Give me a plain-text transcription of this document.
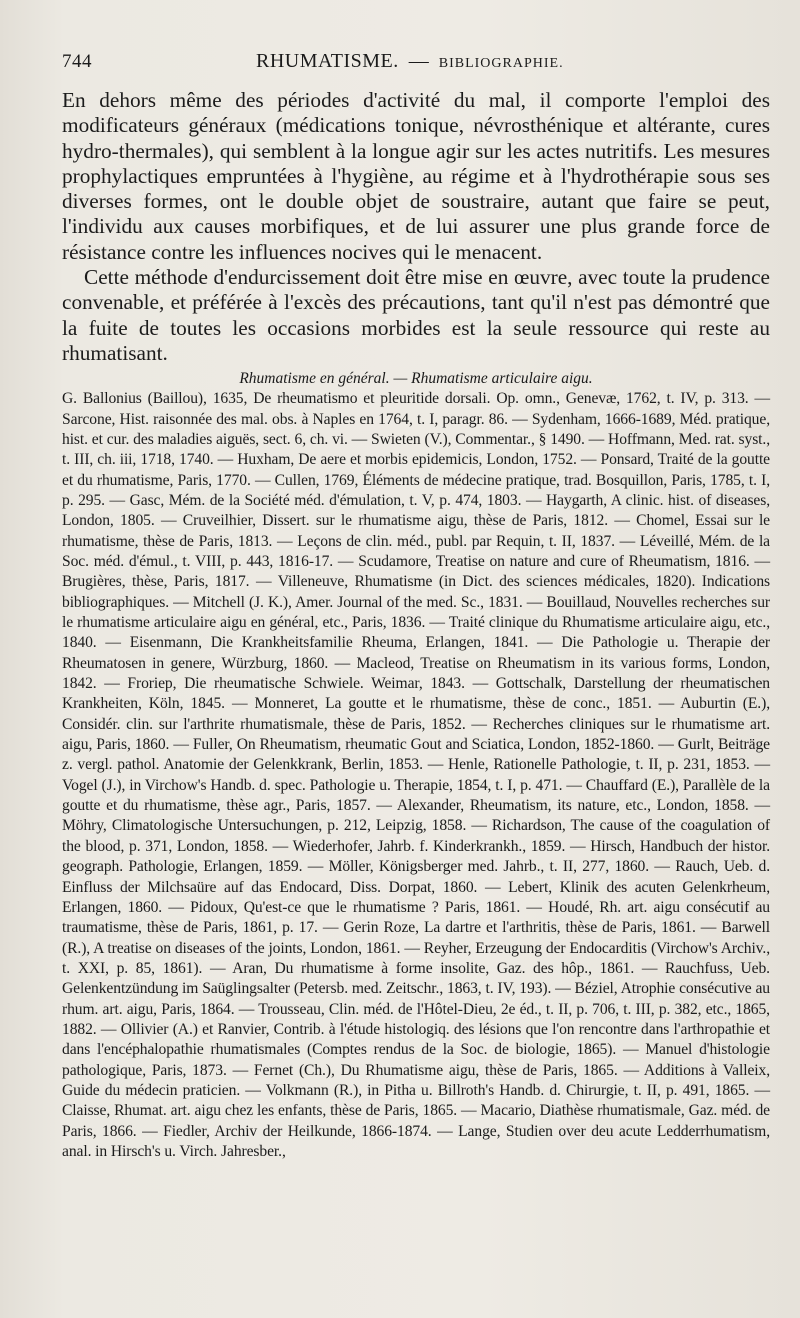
744	RHUMATISME. — BIBLIOGRAPHIE.

En dehors même des périodes d'activité du mal, il comporte l'emploi des modificateurs généraux (médications tonique, névrosthénique et altérante, cures hydro-thermales), qui semblent à la longue agir sur les actes nutritifs. Les mesures prophylactiques empruntées à l'hygiène, au régime et à l'hydrothérapie sous ses diverses formes, ont le double objet de soustraire, autant que faire se peut, l'individu aux causes morbifiques, et de lui assurer une plus grande force de résistance contre les influences nocives qui le menacent.

Cette méthode d'endurcissement doit être mise en œuvre, avec toute la prudence convenable, et préférée à l'excès des précautions, tant qu'il n'est pas démontré que la fuite de toutes les occasions morbides est la seule ressource qui reste au rhumatisant.

Rhumatisme en général. — Rhumatisme articulaire aigu.

G. Ballonius (Baillou), 1635, De rheumatismo et pleuritide dorsali. Op. omn., Genevæ, 1762, t. IV, p. 313. — Sarcone, Hist. raisonnée des mal. obs. à Naples en 1764, t. I, paragr. 86. — Sydenham, 1666-1689, Méd. pratique, hist. et cur. des maladies aiguës, sect. 6, ch. vi. — Swieten (V.), Commentar., § 1490. — Hoffmann, Med. rat. syst., t. III, ch. iii, 1718, 1740. — Huxham, De aere et morbis epidemicis, London, 1752. — Ponsard, Traité de la goutte et du rhumatisme, Paris, 1770. — Cullen, 1769, Éléments de médecine pratique, trad. Bosquillon, Paris, 1785, t. I, p. 295. — Gasc, Mém. de la Société méd. d'émulation, t. V, p. 474, 1803. — Haygarth, A clinic. hist. of diseases, London, 1805. — Cruveilhier, Dissert. sur le rhumatisme aigu, thèse de Paris, 1812. — Chomel, Essai sur le rhumatisme, thèse de Paris, 1813. — Leçons de clin. méd., publ. par Requin, t. II, 1837. — Léveillé, Mém. de la Soc. méd. d'émul., t. VIII, p. 443, 1816-17. — Scudamore, Treatise on nature and cure of Rheumatism, 1816. — Brugières, thèse, Paris, 1817. — Villeneuve, Rhumatisme (in Dict. des sciences médicales, 1820). Indications bibliographiques. — Mitchell (J. K.), Amer. Journal of the med. Sc., 1831. — Bouillaud, Nouvelles recherches sur le rhumatisme articulaire aigu en général, etc., Paris, 1836. — Traité clinique du Rhumatisme articulaire aigu, etc., 1840. — Eisenmann, Die Krankheitsfamilie Rheuma, Erlangen, 1841. — Die Pathologie u. Therapie der Rheumatosen in genere, Würzburg, 1860. — Macleod, Treatise on Rheumatism in its various forms, London, 1842. — Froriep, Die rheumatische Schwiele. Weimar, 1843. — Gottschalk, Darstellung der rheumatischen Krankheiten, Köln, 1845. — Monneret, La goutte et le rhumatisme, thèse de conc., 1851. — Auburtin (E.), Considér. clin. sur l'arthrite rhumatismale, thèse de Paris, 1852. — Recherches cliniques sur le rhumatisme art. aigu, Paris, 1860. — Fuller, On Rheumatism, rheumatic Gout and Sciatica, London, 1852-1860. — Gurlt, Beiträge z. vergl. pathol. Anatomie der Gelenkkrank, Berlin, 1853. — Henle, Rationelle Pathologie, t. II, p. 231, 1853. — Vogel (J.), in Virchow's Handb. d. spec. Pathologie u. Therapie, 1854, t. I, p. 471. — Chauffard (E.), Parallèle de la goutte et du rhumatisme, thèse agr., Paris, 1857. — Alexander, Rheumatism, its nature, etc., London, 1858. — Möhry, Climatologische Untersuchungen, p. 212, Leipzig, 1858. — Richardson, The cause of the coagulation of the blood, p. 371, London, 1858. — Wiederhofer, Jahrb. f. Kinderkrankh., 1859. — Hirsch, Handbuch der histor. geograph. Pathologie, Erlangen, 1859. — Möller, Königsberger med. Jahrb., t. II, 277, 1860. — Rauch, Ueb. d. Einfluss der Milchsaüre auf das Endocard, Diss. Dorpat, 1860. — Lebert, Klinik des acuten Gelenkrheum, Erlangen, 1860. — Pidoux, Qu'est-ce que le rhumatisme ? Paris, 1861. — Houdé, Rh. art. aigu consécutif au traumatisme, thèse de Paris, 1861, p. 17. — Gerin Roze, La dartre et l'arthritis, thèse de Paris, 1861. — Barwell (R.), A treatise on diseases of the joints, London, 1861. — Reyher, Erzeugung der Endocarditis (Virchow's Archiv., t. XXI, p. 85, 1861). — Aran, Du rhumatisme à forme insolite, Gaz. des hôp., 1861. — Rauchfuss, Ueb. Gelenkentzündung im Saüglingsalter (Petersb. med. Zeitschr., 1863, t. IV, 193). — Béziel, Atrophie consécutive au rhum. art. aigu, Paris, 1864. — Trousseau, Clin. méd. de l'Hôtel-Dieu, 2e éd., t. II, p. 706, t. III, p. 382, etc., 1865, 1882. — Ollivier (A.) et Ranvier, Contrib. à l'étude histologiq. des lésions que l'on rencontre dans l'arthropathie et dans l'encéphalopathie rhumatismales (Comptes rendus de la Soc. de biologie, 1865). — Manuel d'histologie pathologique, Paris, 1873. — Fernet (Ch.), Du Rhumatisme aigu, thèse de Paris, 1865. — Additions à Valleix, Guide du médecin praticien. — Volkmann (R.), in Pitha u. Billroth's Handb. d. Chirurgie, t. II, p. 491, 1865. — Claisse, Rhumat. art. aigu chez les enfants, thèse de Paris, 1865. — Macario, Diathèse rhumatismale, Gaz. méd. de Paris, 1866. — Fiedler, Archiv der Heilkunde, 1866-1874. — Lange, Studien over deu acute Ledderrhumatism, anal. in Hirsch's u. Virch. Jahresber.,
